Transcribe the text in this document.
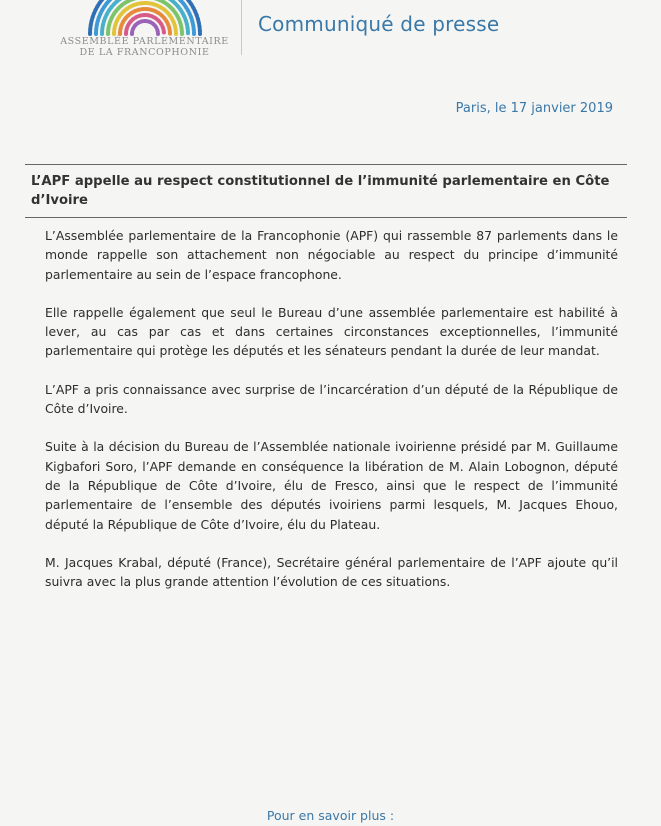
ASSEMBLÉE PARLEMENTAIRE
DE LA FRANCOPHONIE
Communiqué de presse
Paris, le 17 janvier 2019
L’APF appelle au respect constitutionnel de l’immunité parlementaire en Côte d’Ivoire

L’Assemblée parlementaire de la Francophonie (APF) qui rassemble 87 parlements dans le monde rappelle son attachement non négociable au respect du principe d’immunité parlementaire au sein de l’espace francophone.

Elle rappelle également que seul le Bureau d’une assemblée parlementaire est habilité à lever, au cas par cas et dans certaines circonstances exceptionnelles, l’immunité parlementaire qui protège les députés et les sénateurs pendant la durée de leur mandat.

L’APF a pris connaissance avec surprise de l’incarcération d’un député de la République de Côte d’Ivoire.

Suite à la décision du Bureau de l’Assemblée nationale ivoirienne présidé par M. Guillaume Kigbafori Soro, l’APF demande en conséquence la libération de M. Alain Lobognon, député de la République de Côte d’Ivoire, élu de Fresco, ainsi que le respect de l’immunité parlementaire de l’ensemble des députés ivoiriens parmi lesquels, M. Jacques Ehouo, député la République de Côte d’Ivoire, élu du Plateau.

M. Jacques Krabal, député (France), Secrétaire général parlementaire de l’APF ajoute qu’il suivra avec la plus grande attention l’évolution de ces situations.

Pour en savoir plus :
